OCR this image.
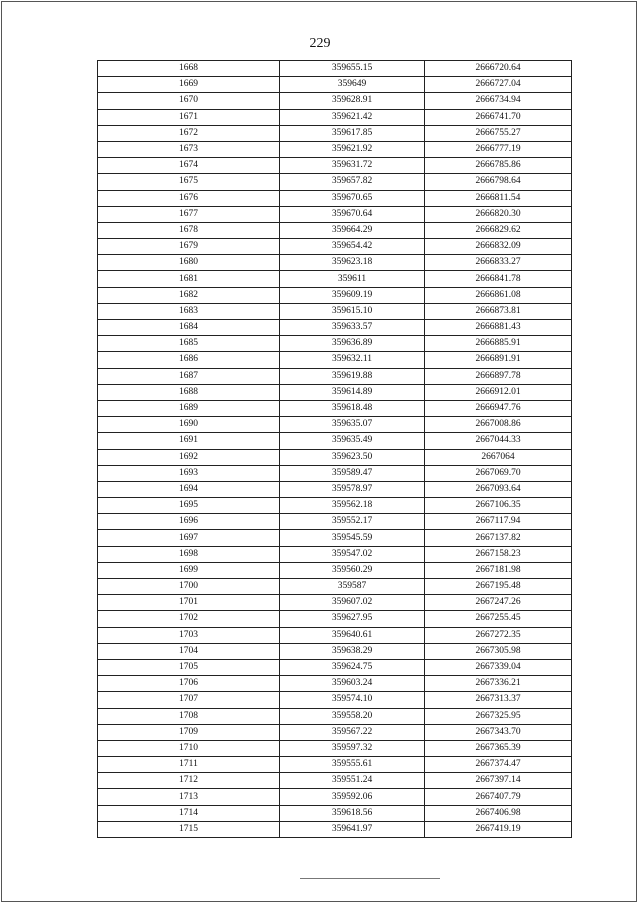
229
1668	359655.15	2666720.64
1669	359649	2666727.04
1670	359628.91	2666734.94
1671	359621.42	2666741.70
1672	359617.85	2666755.27
1673	359621.92	2666777.19
1674	359631.72	2666785.86
1675	359657.82	2666798.64
1676	359670.65	2666811.54
1677	359670.64	2666820.30
1678	359664.29	2666829.62
1679	359654.42	2666832.09
1680	359623.18	2666833.27
1681	359611	2666841.78
1682	359609.19	2666861.08
1683	359615.10	2666873.81
1684	359633.57	2666881.43
1685	359636.89	2666885.91
1686	359632.11	2666891.91
1687	359619.88	2666897.78
1688	359614.89	2666912.01
1689	359618.48	2666947.76
1690	359635.07	2667008.86
1691	359635.49	2667044.33
1692	359623.50	2667064
1693	359589.47	2667069.70
1694	359578.97	2667093.64
1695	359562.18	2667106.35
1696	359552.17	2667117.94
1697	359545.59	2667137.82
1698	359547.02	2667158.23
1699	359560.29	2667181.98
1700	359587	2667195.48
1701	359607.02	2667247.26
1702	359627.95	2667255.45
1703	359640.61	2667272.35
1704	359638.29	2667305.98
1705	359624.75	2667339.04
1706	359603.24	2667336.21
1707	359574.10	2667313.37
1708	359558.20	2667325.95
1709	359567.22	2667343.70
1710	359597.32	2667365.39
1711	359555.61	2667374.47
1712	359551.24	2667397.14
1713	359592.06	2667407.79
1714	359618.56	2667406.98
1715	359641.97	2667419.19
